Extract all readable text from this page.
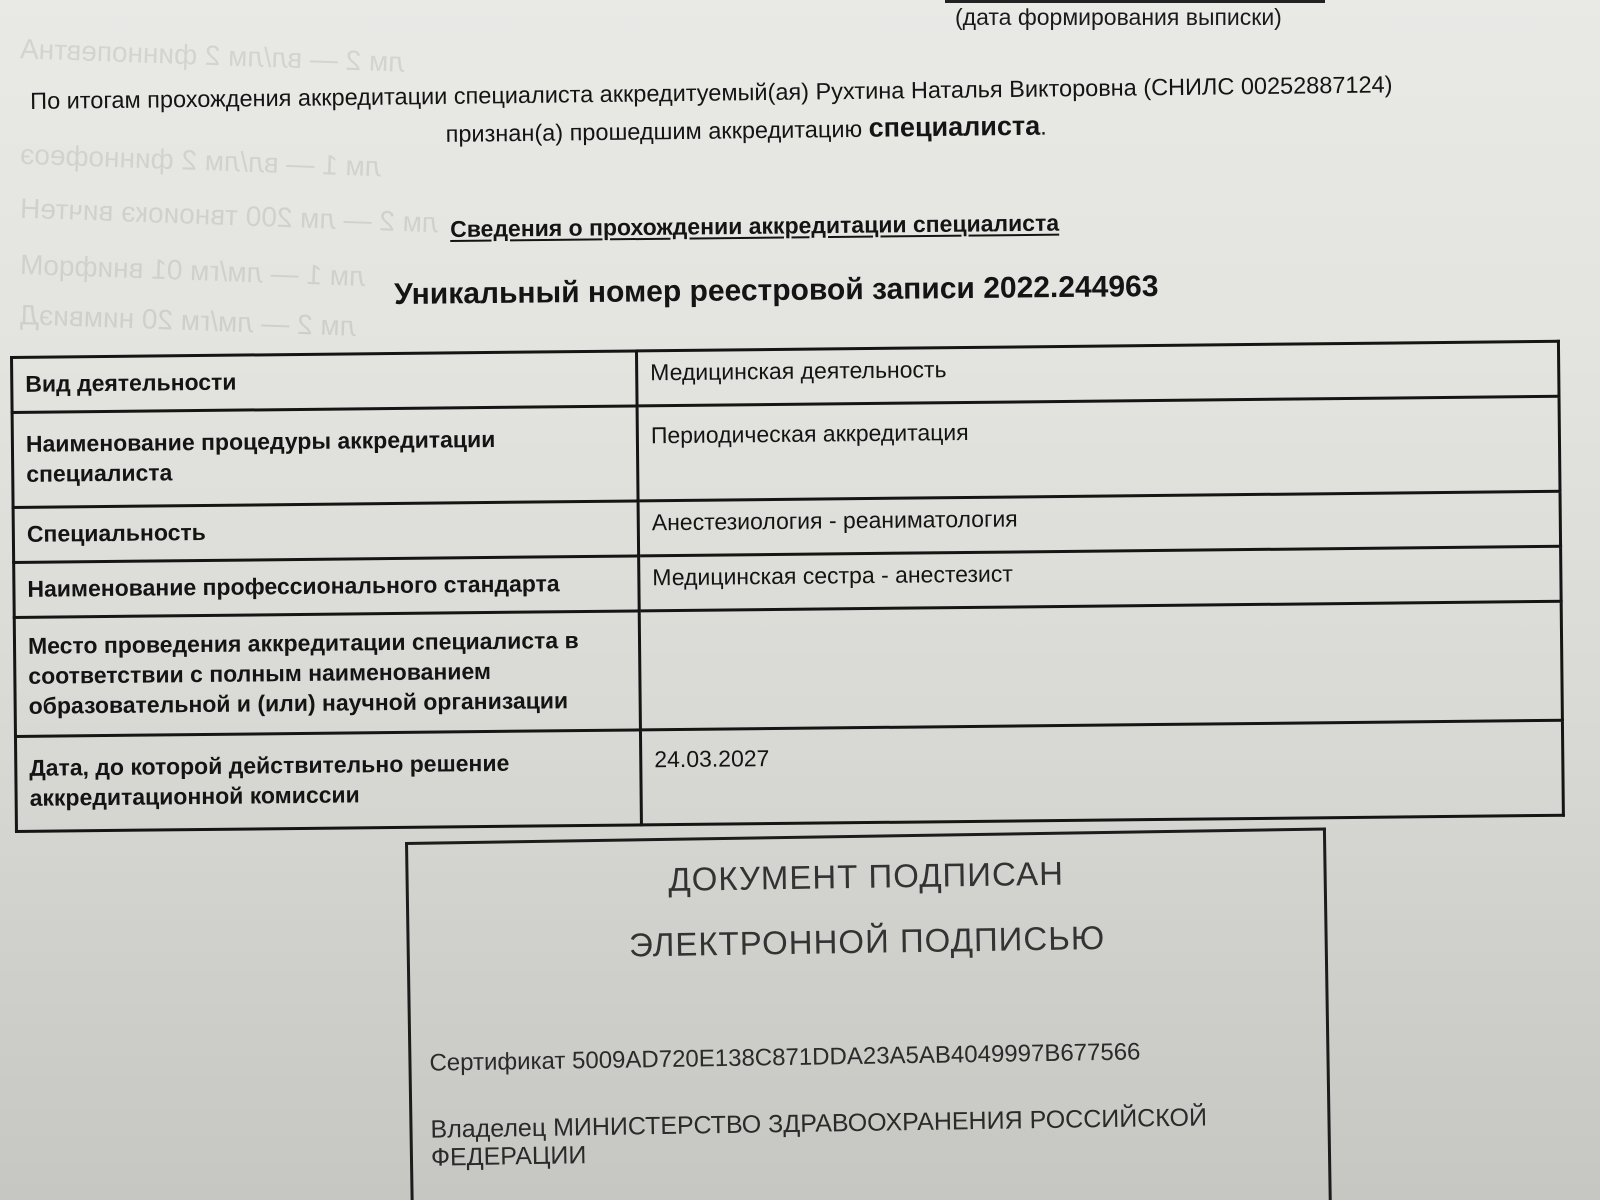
лм 2 — вл/лм 2 финнопевтнА
лм 1 — вл/лм 2 финнофеоэ
лм 2 — лм 200 твноиокэ вичтеН
лм 1 — лм/гм 01 внифqоМ
лм 2 — лм/гм 20 нимвиэД
(дата формирования выписки)
По итогам прохождения аккредитации специалиста аккредитуемый(ая) Рухтина Наталья Викторовна (СНИЛС 00252887124)
признан(а) прошедшим аккредитацию специалиста.
Сведения о прохождении аккредитации специалиста
Уникальный номер реестровой записи 2022.244963
Вид деятельности	Медицинская деятельность
Наименование процедуры аккредитации специалиста	Периодическая аккредитация
Специальность	Анестезиология - реаниматология
Наименование профессионального стандарта	Медицинская сестра - анестезист
Место проведения аккредитации специалиста в соответствии с полным наименованием образовательной и (или) научной организации	
Дата, до которой действительно решение аккредитационной комиссии	24.03.2027
ДОКУМЕНТ ПОДПИСАН
ЭЛЕКТРОННОЙ ПОДПИСЬЮ
Сертификат 5009AD720E138C871DDA23A5AB4049997B677566
Владелец МИНИСТЕРСТВО ЗДРАВООХРАНЕНИЯ РОССИЙСКОЙ ФЕДЕРАЦИИ
